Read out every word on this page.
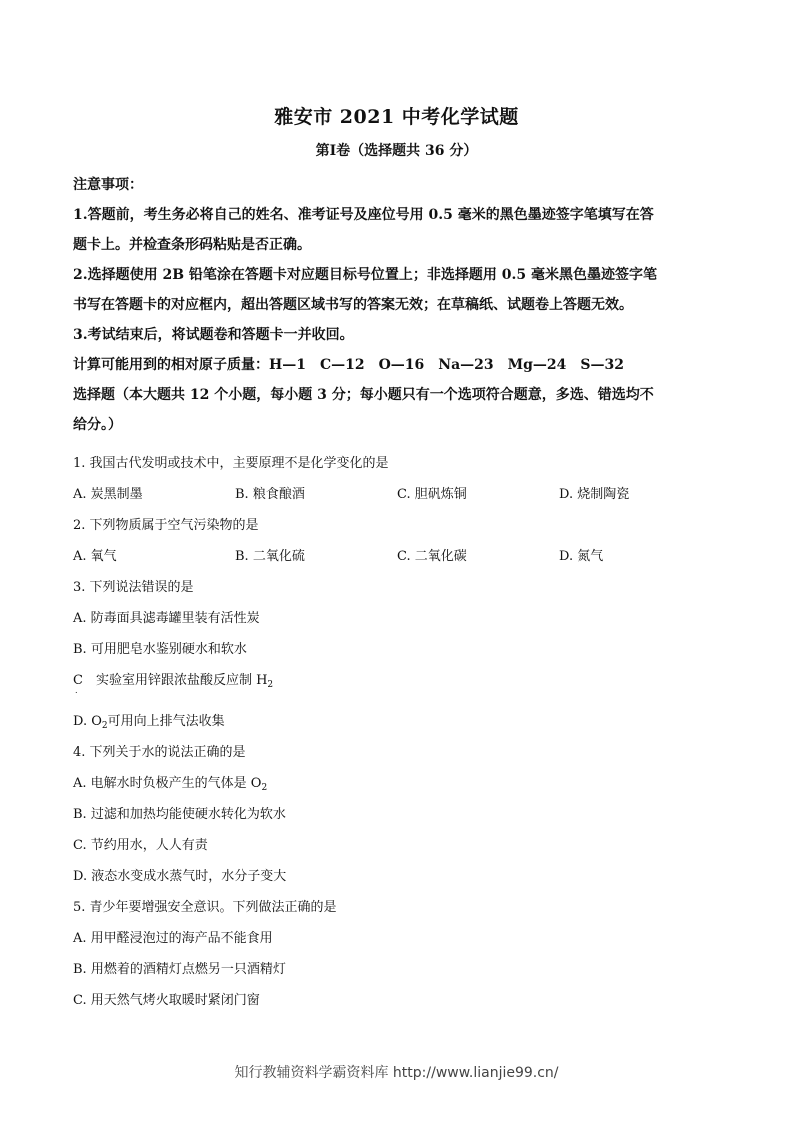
雅安市 2021 中考化学试题
第Ⅰ卷（选择题共 36 分）

注意事项：

1.答题前，考生务必将自己的姓名、准考证号及座位号用 0.5 毫米的黑色墨迹签字笔填写在答

题卡上。并检查条形码粘贴是否正确。

2.选择题使用 2B 铅笔涂在答题卡对应题目标号位置上；非选择题用 0.5 毫米黑色墨迹签字笔

书写在答题卡的对应框内，超出答题区域书写的答案无效；在草稿纸、试题卷上答题无效。

3.考试结束后，将试题卷和答题卡一并收回。

计算可能用到的相对原子质量：H—1　C—12　O—16　Na—23　Mg—24　S—32

选择题（本大题共 12 个小题，每小题 3 分；每小题只有一个选项符合题意，多选、错选均不

给分。）

1. 我国古代发明或技术中，主要原理不是化学变化的是

A. 炭黑制墨	B. 粮食酿酒	C. 胆矾炼铜	D. 烧制陶瓷

2. 下列物质属于空气污染物的是

A. 氧气	B. 二氧化硫	C. 二氧化碳	D. 氮气

3. 下列说法错误的是

A. 防毒面具滤毒罐里装有活性炭

B. 可用肥皂水鉴别硬水和软水

C　实验室用锌跟浓盐酸反应制 $H_2$

.

D. $O_2$可用向上排气法收集

4. 下列关于水的说法正确的是

A. 电解水时负极产生的气体是 $O_2$

B. 过滤和加热均能使硬水转化为软水

C. 节约用水，人人有责

D. 液态水变成水蒸气时，水分子变大

5. 青少年要增强安全意识。下列做法正确的是

A. 用甲醛浸泡过的海产品不能食用

B. 用燃着的酒精灯点燃另一只酒精灯

C. 用天然气烤火取暖时紧闭门窗

知行教辅资料学霸资料库 http://www.lianjie99.cn/
